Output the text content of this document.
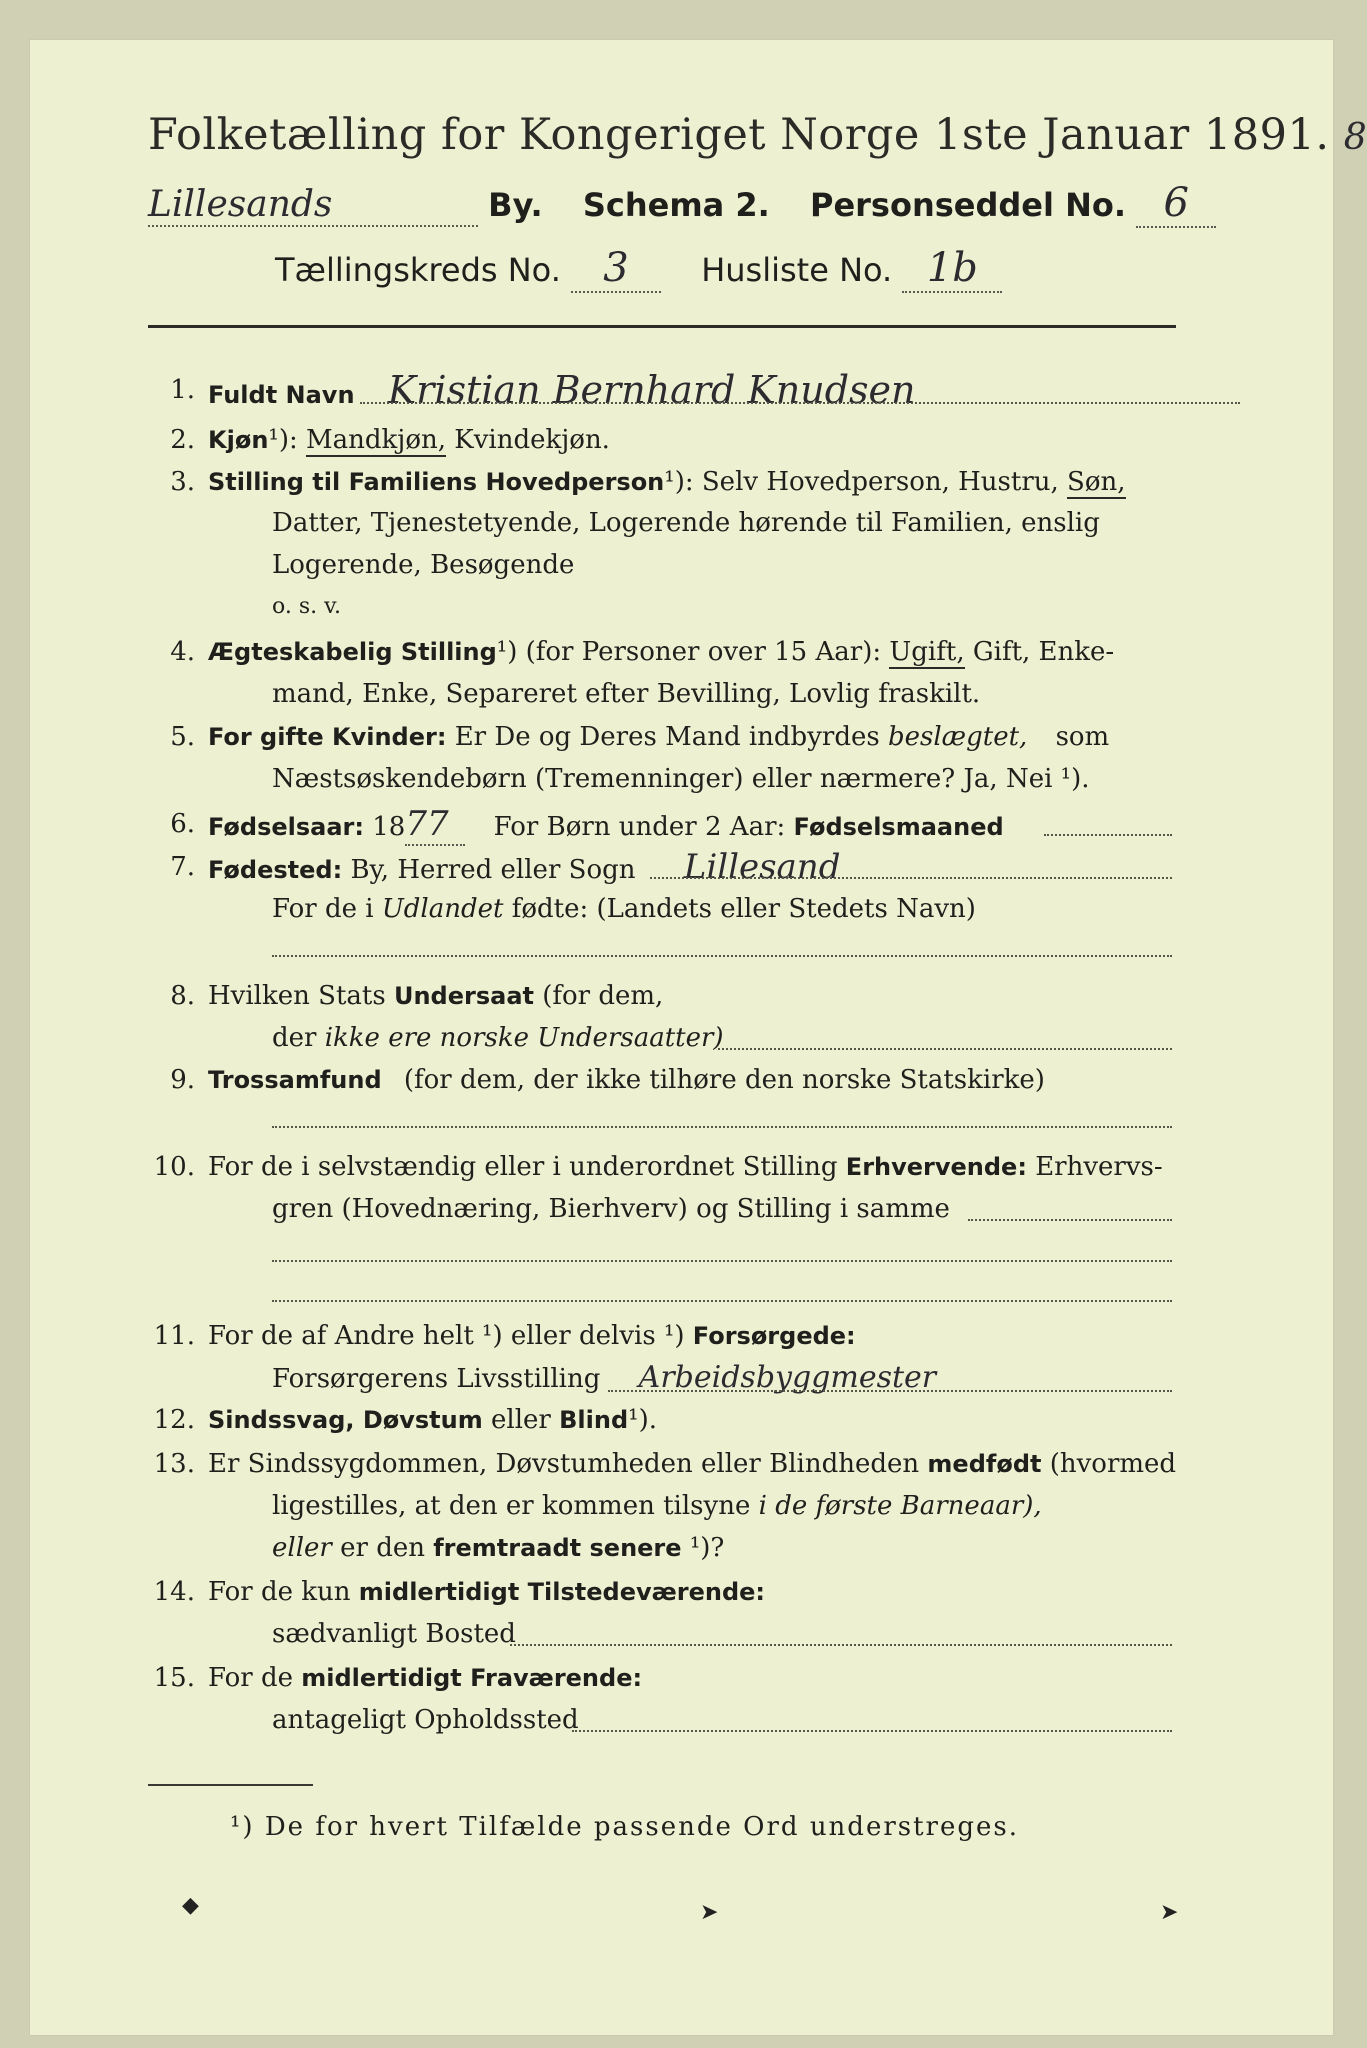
Folketælling for Kongeriget Norge 1ste Januar 1891. 8
Lillesands	By. Schema 2. Personseddel No. 6
Tællingskreds No. 3 Husliste No. 1b
1. Fuldt Navn Kristian Bernhard Knudsen
2. Kjøn¹): Mandkjøn, Kvindekjøn.
3. Stilling til Familiens Hovedperson¹): Selv Hovedperson, Hustru, Søn,
Datter, Tjenestetyende, Logerende hørende til Familien, enslig
Logerende, Besøgende
o. s. v.
4. Ægteskabelig Stilling¹) (for Personer over 15 Aar): Ugift, Gift, Enke-
mand, Enke, Separeret efter Bevilling, Lovlig fraskilt.
5. For gifte Kvinder: Er De og Deres Mand indbyrdes beslægtet, som
Næstsøskendebørn (Tremenninger) eller nærmere? Ja, Nei ¹).
6. Fødselsaar: 1877 For Børn under 2 Aar: Fødselsmaaned
7. Fødested: By, Herred eller Sogn Lillesand
For de i Udlandet fødte: (Landets eller Stedets Navn)
8. Hvilken Stats Undersaat (for dem,
der ikke ere norske Undersaatter)
9. Trossamfund (for dem, der ikke tilhøre den norske Statskirke)
10. For de i selvstændig eller i underordnet Stilling Erhvervende: Erhvervs-
gren (Hovednæring, Bierhverv) og Stilling i samme
11. For de af Andre helt ¹) eller delvis ¹) Forsørgede:
Forsørgerens Livsstilling Arbeidsbyggmester
12. Sindssvag, Døvstum eller Blind¹).
13. Er Sindssygdommen, Døvstumheden eller Blindheden medfødt (hvormed
ligestilles, at den er kommen tilsyne i de første Barneaar),
eller er den fremtraadt senere ¹)?
14. For de kun midlertidigt Tilstedeværende:
sædvanligt Bosted
15. For de midlertidigt Fraværende:
antageligt Opholdssted
¹) De for hvert Tilfælde passende Ord understreges.
◆	➤	➤
